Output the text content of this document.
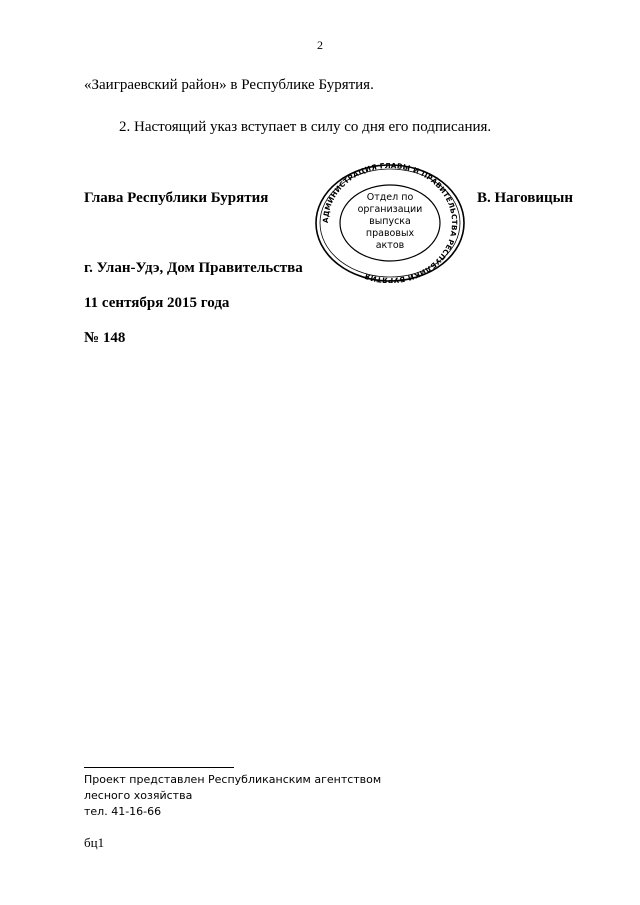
2
«Заиграевский район» в Республике Бурятия.
2. Настоящий указ вступает в силу со дня его подписания.
Глава Республики Бурятия	В. Наговицын
АДМИНИСТРАЦИЯ ГЛАВЫ И ПРАВИТЕЛЬСТВА РЕСПУБЛИКИ БУРЯТИЯ
Отдел по
организации
выпуска
правовых
актов
г. Улан-Удэ, Дом Правительства
11 сентября 2015 года
№ 148
Проект представлен Республиканским агентством
лесного хозяйства
тел. 41-16-66
бц1
